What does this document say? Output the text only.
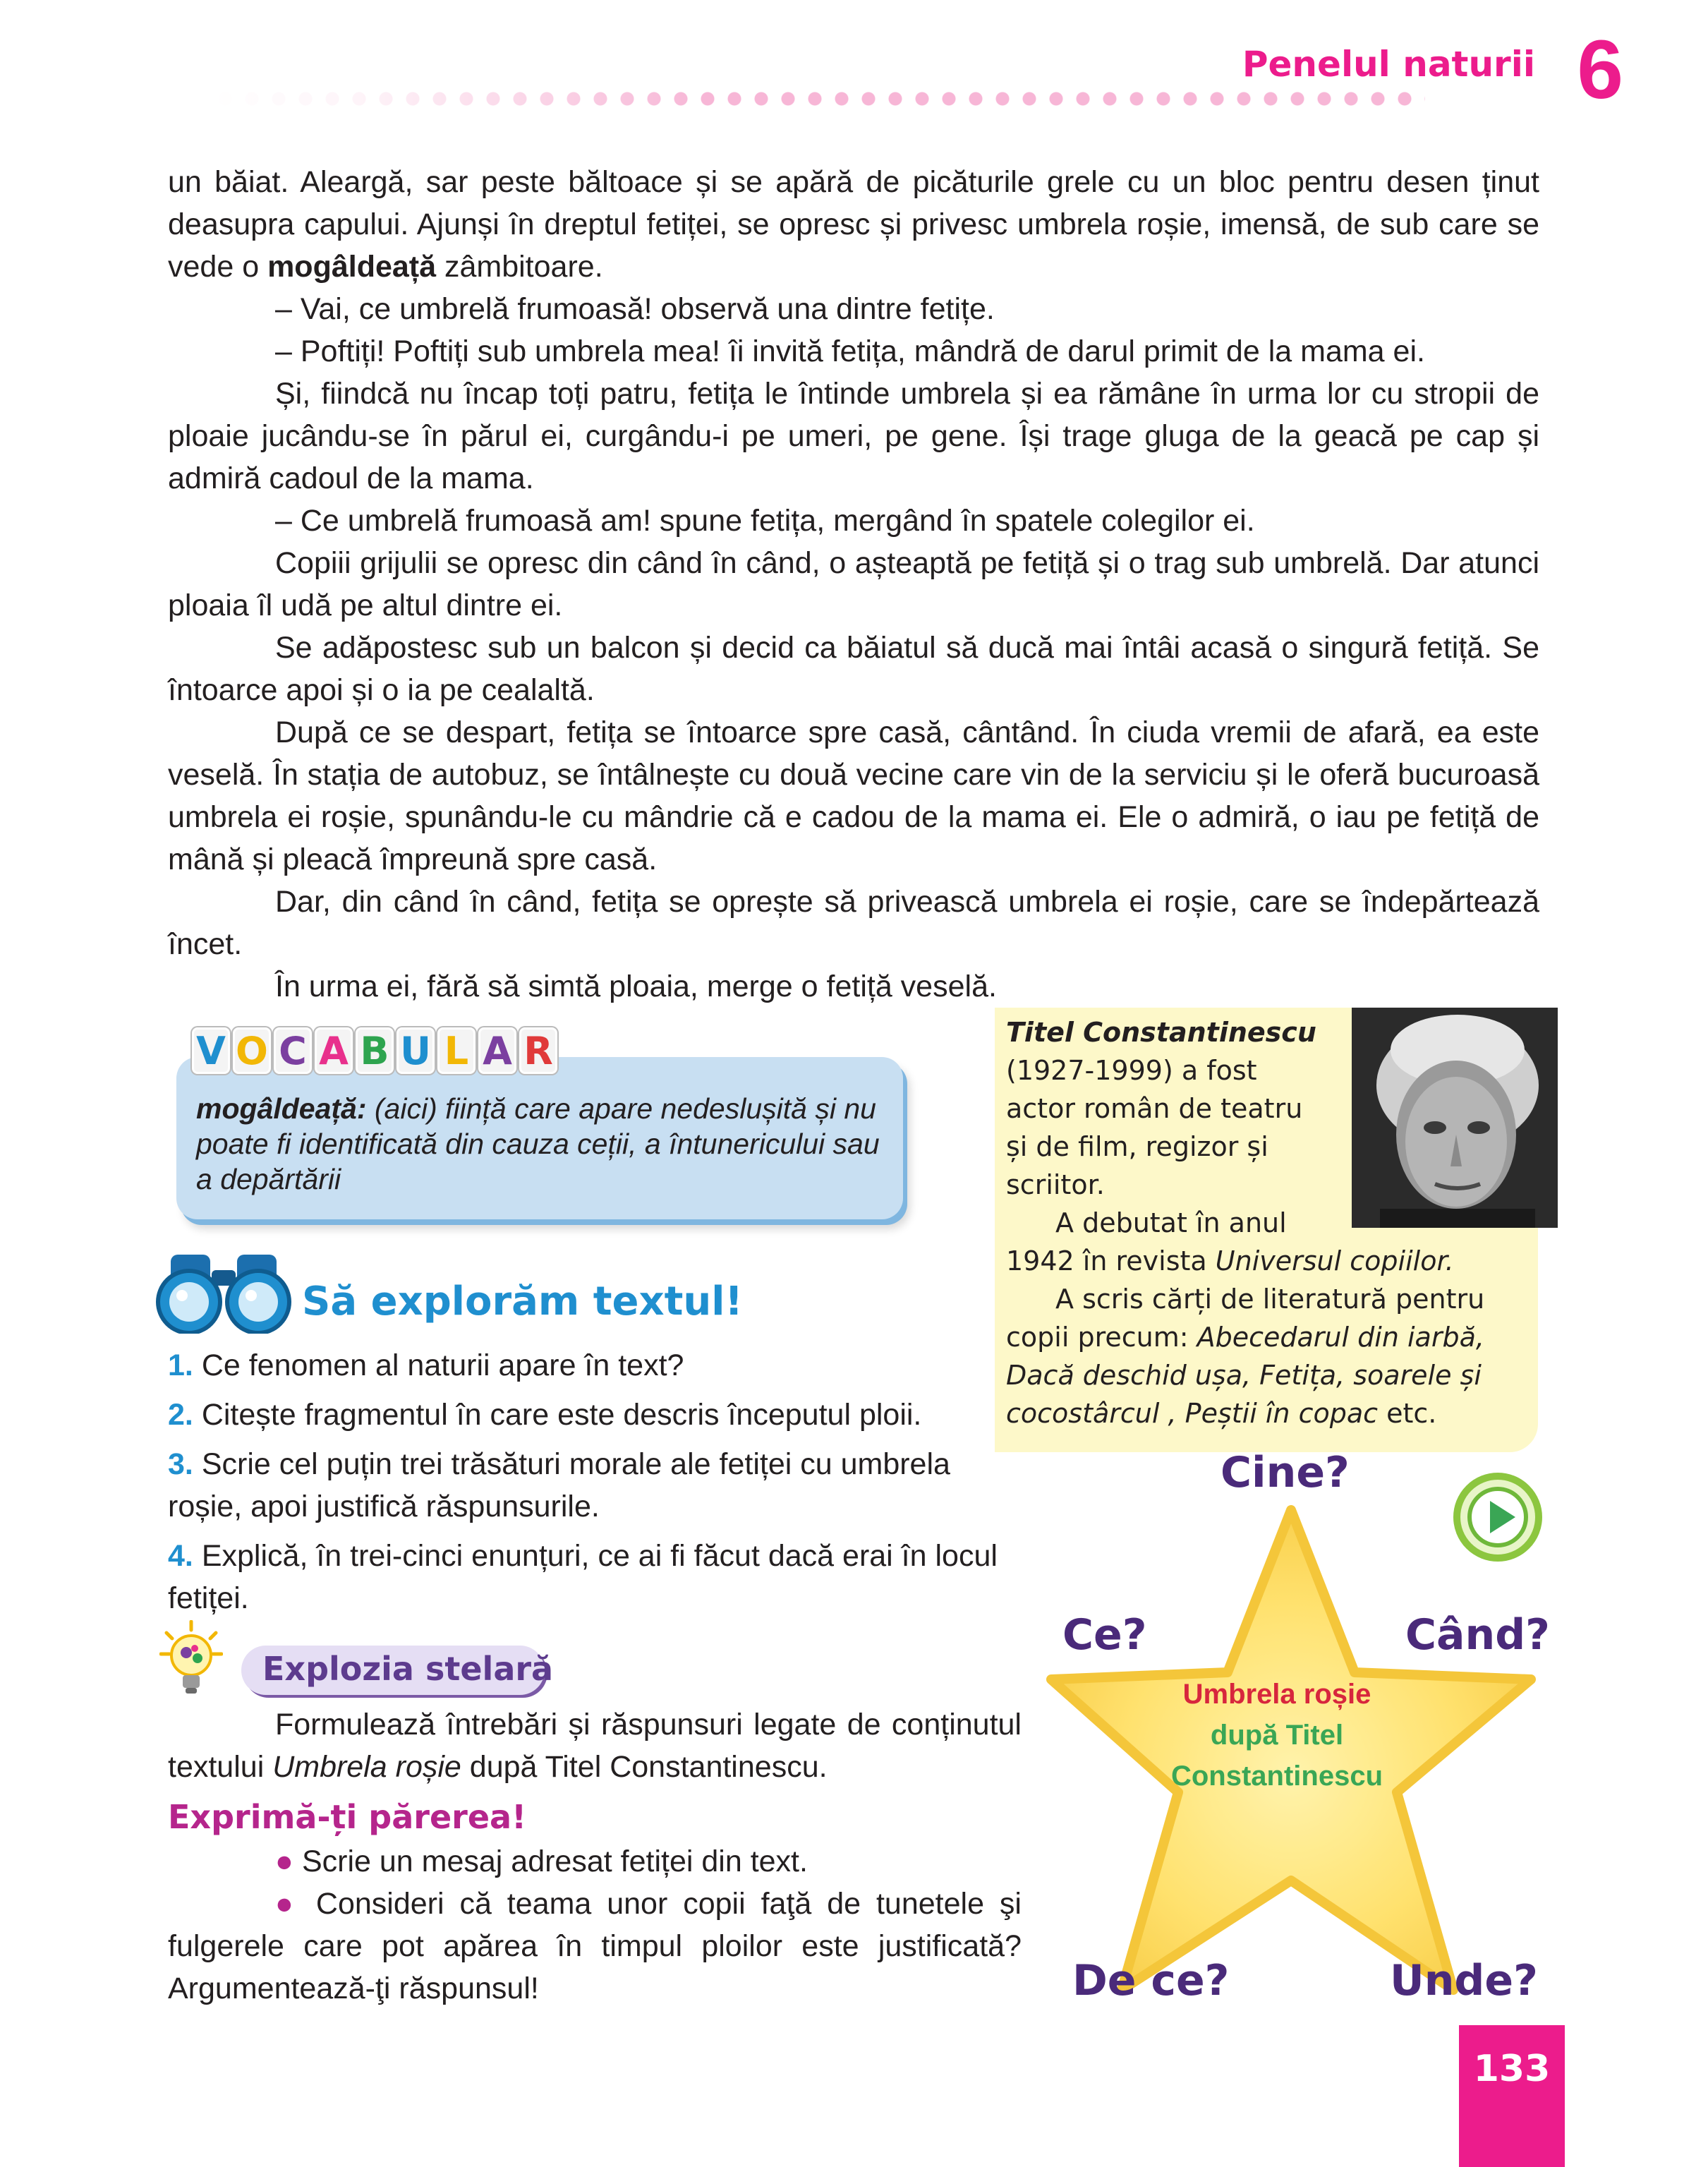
Penelul naturii 6

un băiat. Aleargă, sar peste băltoace și se apără de picăturile grele cu un bloc pentru desen ținut deasupra capului. Ajunși în dreptul fetiței, se opresc și privesc umbrela roșie, imensă, de sub care se vede o mogâldeață zâmbitoare.

– Vai, ce umbrelă frumoasă! observă una dintre fetițe.

– Poftiți! Poftiți sub umbrela mea! îi invită fetița, mândră de darul primit de la mama ei.

Și, fiindcă nu încap toți patru, fetița le întinde umbrela și ea rămâne în urma lor cu stropii de ploaie jucându-se în părul ei, curgându-i pe umeri, pe gene. Își trage gluga de la geacă pe cap și admiră cadoul de la mama.

– Ce umbrelă frumoasă am! spune fetița, mergând în spatele colegilor ei.

Copiii grijulii se opresc din când în când, o așteaptă pe fetiță și o trag sub umbrelă. Dar atunci ploaia îl udă pe altul dintre ei.

Se adăpostesc sub un balcon și decid ca băiatul să ducă mai întâi acasă o singură fetiță. Se întoarce apoi și o ia pe cealaltă.

După ce se despart, fetița se întoarce spre casă, cântând. În ciuda vremii de afară, ea este veselă. În stația de autobuz, se întâlnește cu două vecine care vin de la serviciu și le oferă bucuroasă umbrela ei roșie, spunându-le cu mândrie că e cadou de la mama ei. Ele o admiră, o iau pe fetiță de mână și pleacă împreună spre casă.

Dar, din când în când, fetița se oprește să privească umbrela ei roșie, care se îndepărtează încet.

În urma ei, fără să simtă ploaia, merge o fetiță veselă.

V O C A B U L A R
mogâldeață: (aici) ființă care apare nedeslușită și nu poate fi identificată din cauza ceții, a întunericului sau a depărtării
Titel Constantinescu
(1927-1999) a fost
actor român de teatru
și de film, regizor și
scriitor.
A debutat în anul
1942 în revista Universul copiilor.
A scris cărți de literatură pentru
copii precum: Abecedarul din iarbă,
Dacă deschid ușa, Fetița, soarele și
cocostârcul , Peștii în copac etc.
Să explorăm textul!
1. Ce fenomen al naturii apare în text?
2. Citește fragmentul în care este descris începutul ploii.
3. Scrie cel puțin trei trăsături morale ale fetiței cu umbrela roșie, apoi justifică răspunsurile.
4. Explică, în trei-cinci enunțuri, ce ai fi făcut dacă erai în locul fetiței.
Explozia stelară

Formulează întrebări și răspunsuri legate de conținutul textului Umbrela roșie după Titel Constantinescu.

Exprimă-ți părerea!

● Scrie un mesaj adresat fetiței din text.

● Consideri că teama unor copii faţă de tunetele şi fulgerele care pot apărea în timpul ploilor este justificată? Argumentează-ţi răspunsul!

Cine?
Ce?	Când?
De ce?	Unde?
Umbrela roșie
după Titel
Constantinescu
133
